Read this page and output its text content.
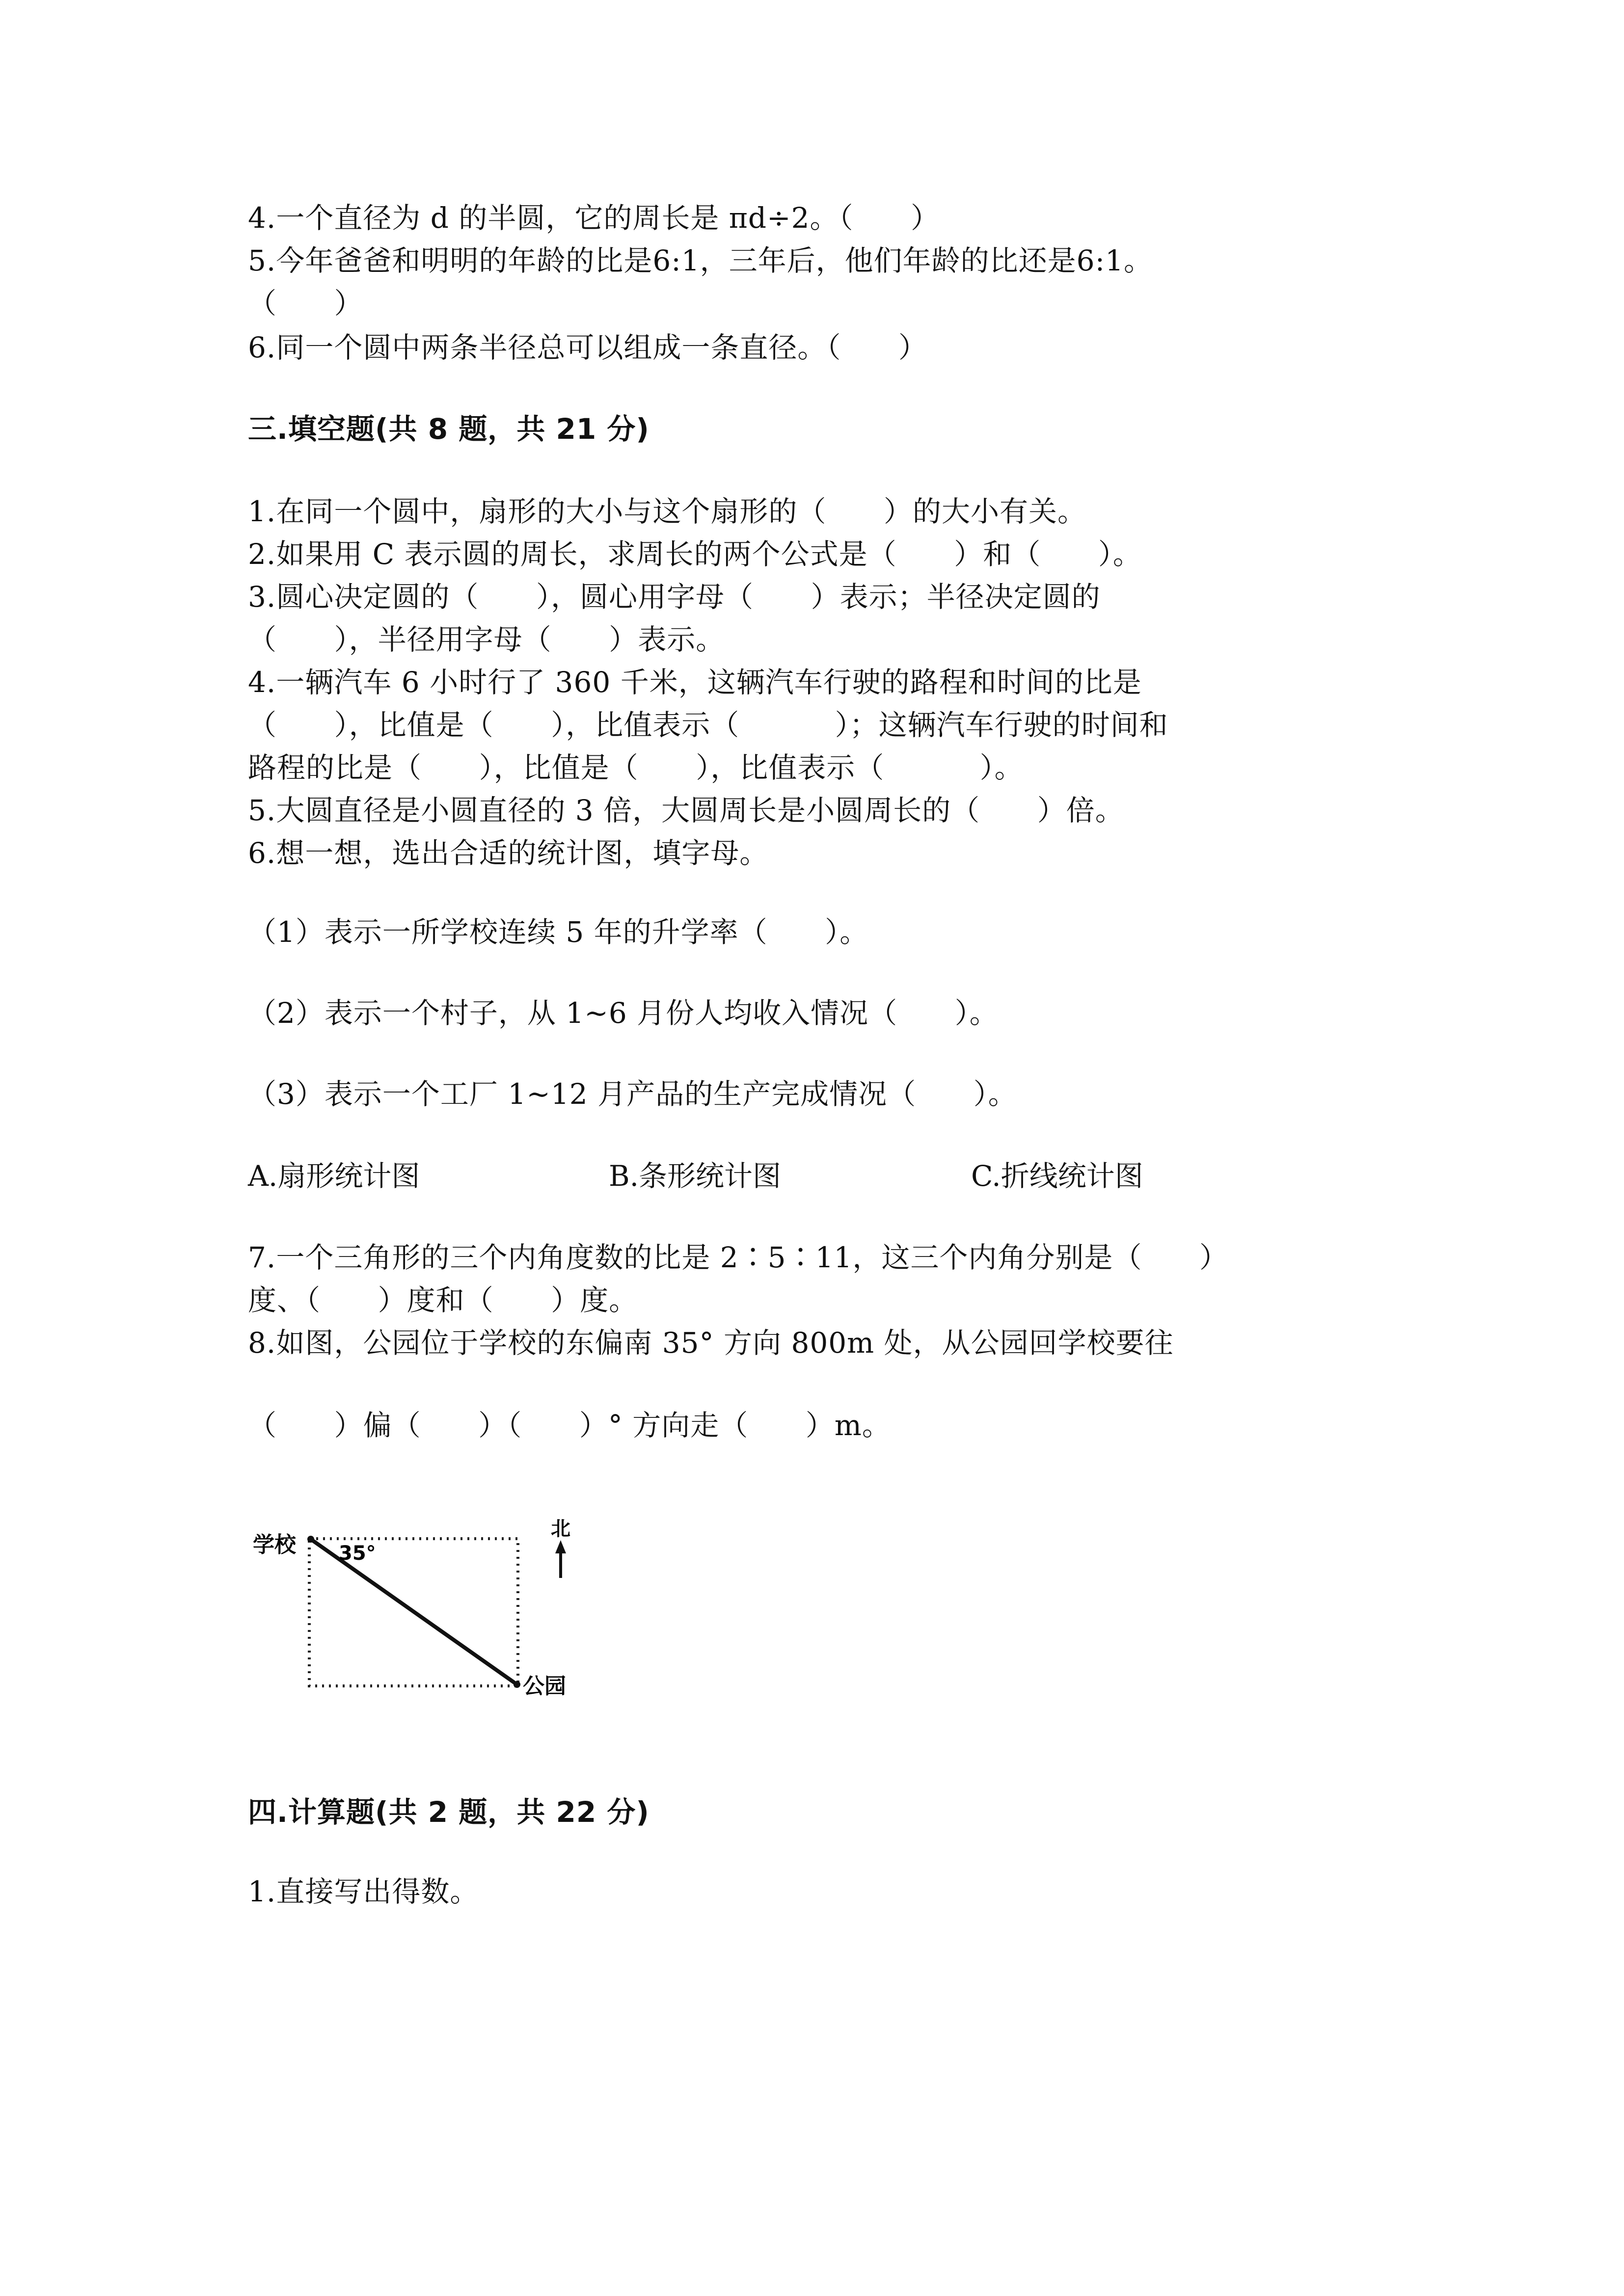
4.一个直径为 d 的半圆，它的周长是 πd÷2。（      ）
5.今年爸爸和明明的年龄的比是6:1，三年后，他们年龄的比还是6:1。
（      ）
6.同一个圆中两条半径总可以组成一条直径。（      ）
三.填空题(共 8 题，共 21 分)
1.在同一个圆中，扇形的大小与这个扇形的（      ）的大小有关。
2.如果用 C 表示圆的周长，求周长的两个公式是（      ）和（      ）。
3.圆心决定圆的（      ），圆心用字母（      ）表示；半径决定圆的
（      ），半径用字母（      ）表示。
4.一辆汽车 6 小时行了 360 千米，这辆汽车行驶的路程和时间的比是
（      ），比值是（      ），比值表示（          ）；这辆汽车行驶的时间和
路程的比是（      ），比值是（      ），比值表示（          ）。
5.大圆直径是小圆直径的 3 倍，大圆周长是小圆周长的（      ）倍。
6.想一想，选出合适的统计图，填字母。
（1）表示一所学校连续 5 年的升学率（      ）。
（2）表示一个村子，从 1~6 月份人均收入情况（      ）。
（3）表示一个工厂 1~12 月产品的生产完成情况（      ）。
A.扇形统计图	B.条形统计图	C.折线统计图
7.一个三角形的三个内角度数的比是 2∶5∶11，这三个内角分别是（      ）
度、（      ）度和（      ）度。
8.如图，公园位于学校的东偏南 35° 方向 800m 处，从公园回学校要往
（      ）偏（      ）（      ）° 方向走（      ）m。
学校 35°
公园
北
四.计算题(共 2 题，共 22 分)
1.直接写出得数。
